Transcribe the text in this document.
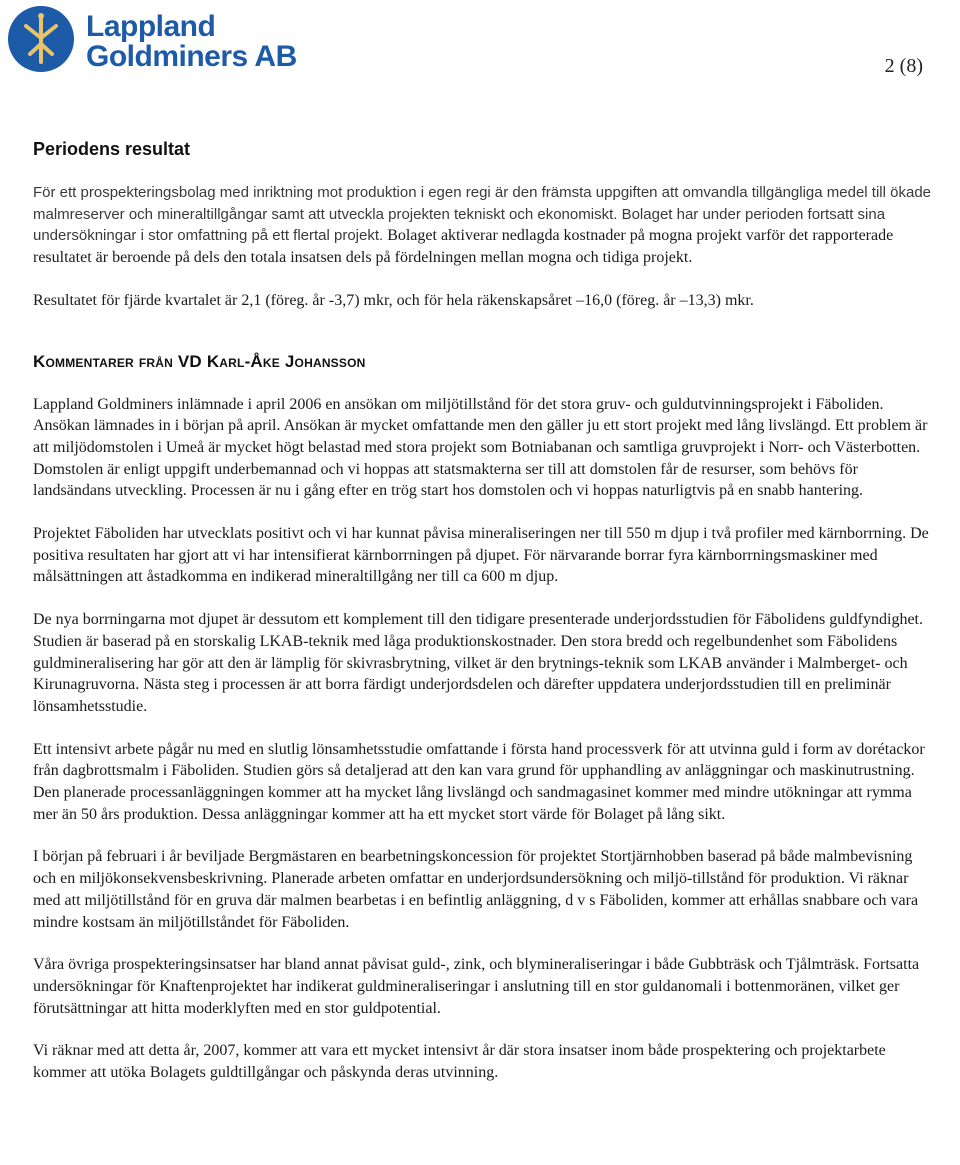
Lappland
Goldminers AB	2 (8)
Periodens resultat

För ett prospekteringsbolag med inriktning mot produktion i egen regi är den främsta uppgiften att omvandla tillgängliga medel till ökade malmreserver och mineraltillgångar samt att utveckla projekten tekniskt och ekonomiskt. Bolaget har under perioden fortsatt sina undersökningar i stor omfattning på ett flertal projekt. Bolaget aktiverar nedlagda kostnader på mogna projekt varför det rapporterade resultatet är beroende på dels den totala insatsen dels på fördelningen mellan mogna och tidiga projekt.

Resultatet för fjärde kvartalet är 2,1 (föreg. år -3,7) mkr, och för hela räkenskapsåret –16,0 (föreg. år –13,3) mkr.

Kommentarer från VD Karl-Åke Johansson

Lappland Goldminers inlämnade i april 2006 en ansökan om miljötillstånd för det stora gruv- och guldutvinningsprojekt i Fäboliden. Ansökan lämnades in i början på april. Ansökan är mycket omfattande men den gäller ju ett stort projekt med lång livslängd. Ett problem är att miljödomstolen i Umeå är mycket högt belastad med stora projekt som Botniabanan och samtliga gruvprojekt i Norr- och Västerbotten. Domstolen är enligt uppgift underbemannad och vi hoppas att statsmakterna ser till att domstolen får de resurser, som behövs för landsändans utveckling. Processen är nu i gång efter en trög start hos domstolen och vi hoppas naturligtvis på en snabb hantering.

Projektet Fäboliden har utvecklats positivt och vi har kunnat påvisa mineraliseringen ner till 550 m djup i två profiler med kärnborrning. De positiva resultaten har gjort att vi har intensifierat kärnborrningen på djupet. För närvarande borrar fyra kärnborrningsmaskiner med målsättningen att åstadkomma en indikerad mineraltillgång ner till ca 600 m djup.

De nya borrningarna mot djupet är dessutom ett komplement till den tidigare presenterade underjordsstudien för Fäbolidens guldfyndighet. Studien är baserad på en storskalig LKAB-teknik med låga produktionskostnader. Den stora bredd och regelbundenhet som Fäbolidens guldmineralisering har gör att den är lämplig för skivrasbrytning, vilket är den brytnings-teknik som LKAB använder i Malmberget- och Kirunagruvorna. Nästa steg i processen är att borra färdigt underjordsdelen och därefter uppdatera underjordsstudien till en preliminär lönsamhetsstudie.

Ett intensivt arbete pågår nu med en slutlig lönsamhetsstudie omfattande i första hand processverk för att utvinna guld i form av dorétackor från dagbrottsmalm i Fäboliden. Studien görs så detaljerad att den kan vara grund för upphandling av anläggningar och maskinutrustning. Den planerade processanläggningen kommer att ha mycket lång livslängd och sandmagasinet kommer med mindre utökningar att rymma mer än 50 års produktion. Dessa anläggningar kommer att ha ett mycket stort värde för Bolaget på lång sikt.

I början på februari i år beviljade Bergmästaren en bearbetningskoncession för projektet Stortjärnhobben baserad på både malmbevisning och en miljökonsekvensbeskrivning. Planerade arbeten omfattar en underjordsundersökning och miljö-tillstånd för produktion. Vi räknar med att miljötillstånd för en gruva där malmen bearbetas i en befintlig anläggning, d v s Fäboliden, kommer att erhållas snabbare och vara mindre kostsam än miljötillståndet för Fäboliden.

Våra övriga prospekteringsinsatser har bland annat påvisat guld-, zink, och blymineraliseringar i både Gubbträsk och Tjålmträsk. Fortsatta undersökningar för Knaftenprojektet har indikerat guldmineraliseringar i anslutning till en stor guldanomali i bottenmoränen, vilket ger förutsättningar att hitta moderklyften med en stor guldpotential.

Vi räknar med att detta år, 2007, kommer att vara ett mycket intensivt år där stora insatser inom både prospektering och projektarbete kommer att utöka Bolagets guldtillgångar och påskynda deras utvinning.
